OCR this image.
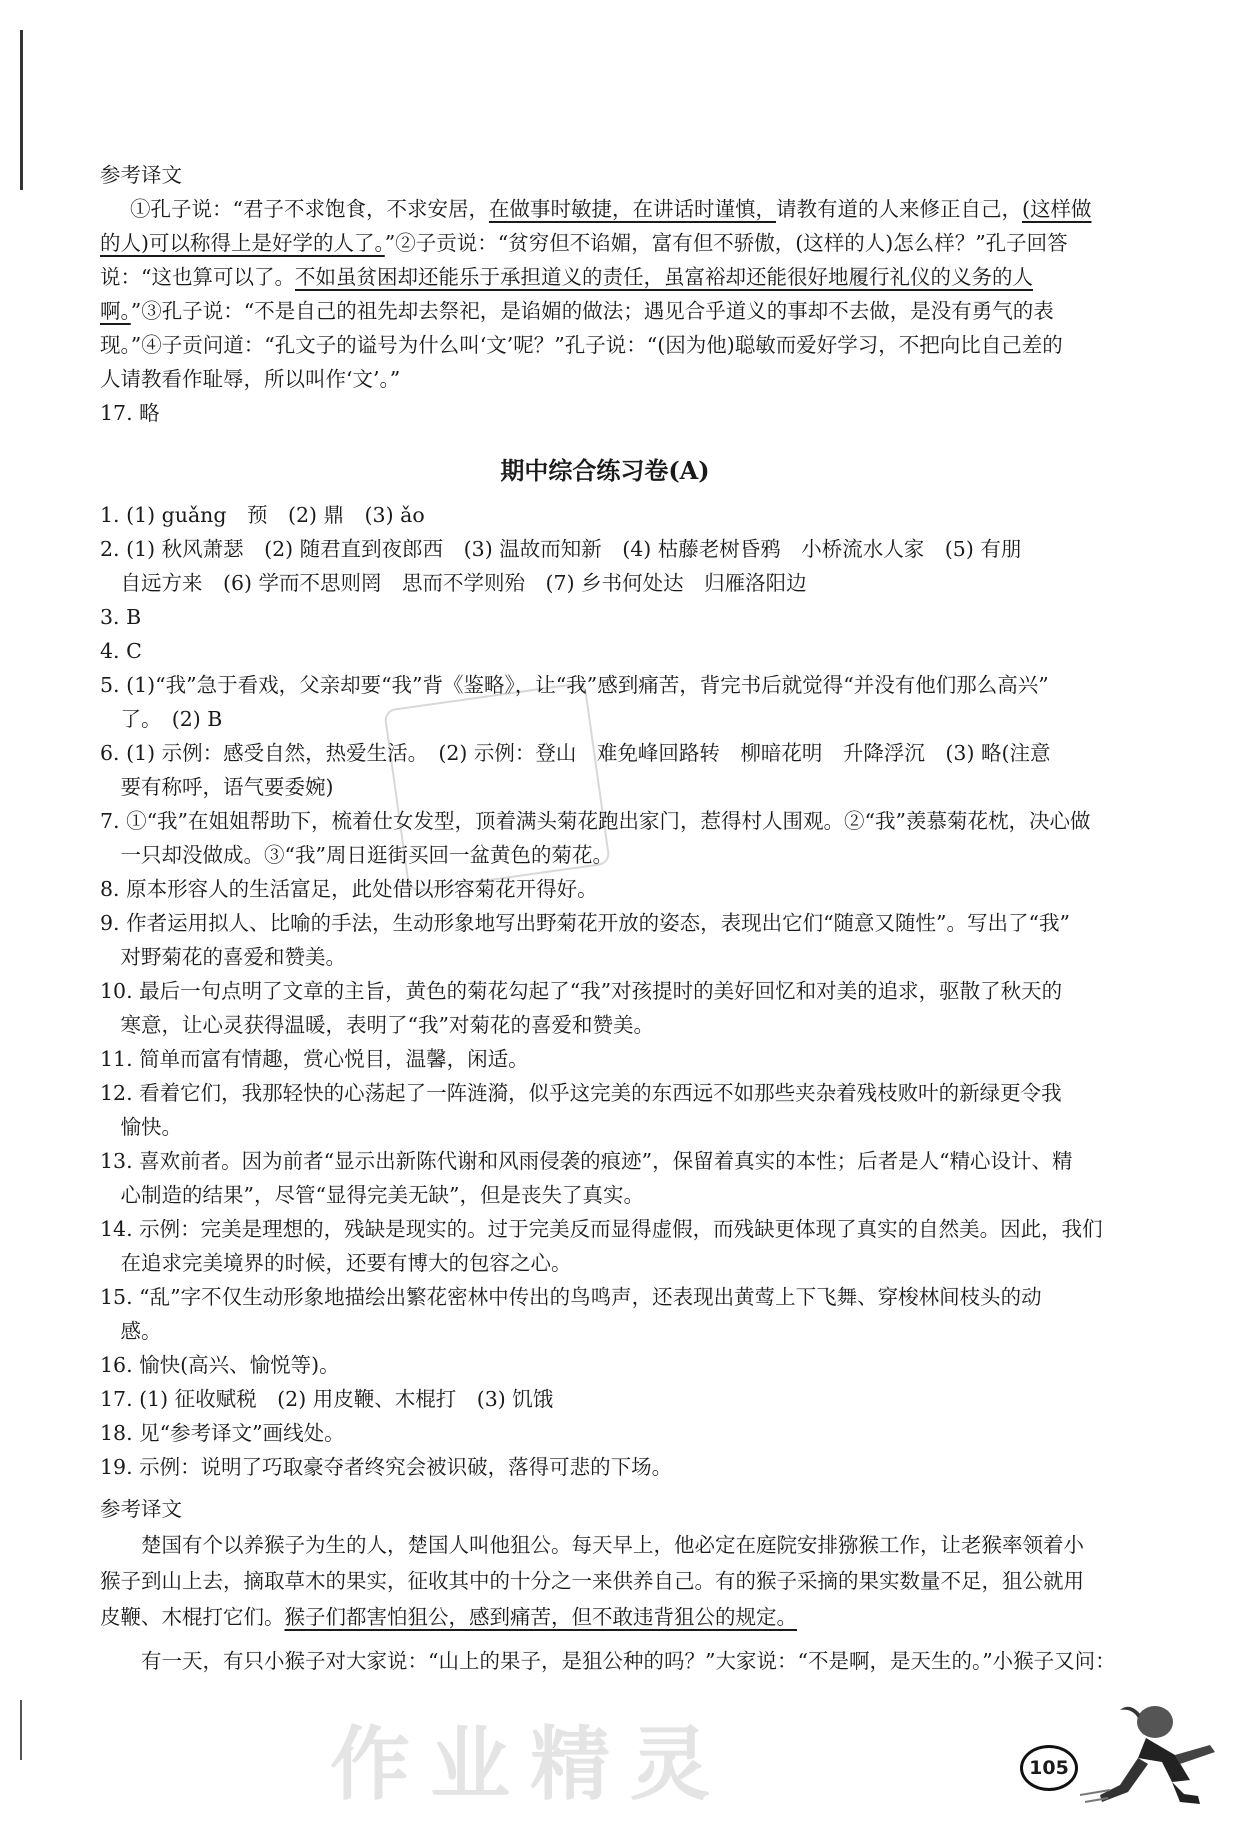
作业精灵
参考译文
①孔子说：“君子不求饱食，不求安居，在做事时敏捷，在讲话时谨慎，请教有道的人来修正自己，(这样做
的人)可以称得上是好学的人了。”②子贡说：“贫穷但不谄媚，富有但不骄傲，(这样的人)怎么样？”孔子回答
说：“这也算可以了。不如虽贫困却还能乐于承担道义的责任，虽富裕却还能很好地履行礼仪的义务的人
啊。”③孔子说：“不是自己的祖先却去祭祀，是谄媚的做法；遇见合乎道义的事却不去做，是没有勇气的表
现。”④子贡问道：“孔文子的谥号为什么叫‘文’呢？”孔子说：“(因为他)聪敏而爱好学习，不把向比自己差的
人请教看作耻辱，所以叫作‘文’。”
17. 略
期中综合练习卷(A)
1. (1) guǎng　预　(2) 鼎　(3) ǎo
2. (1) 秋风萧瑟　(2) 随君直到夜郎西　(3) 温故而知新　(4) 枯藤老树昏鸦　小桥流水人家　(5) 有朋
　自远方来　(6) 学而不思则罔　思而不学则殆　(7) 乡书何处达　归雁洛阳边
3. B
4. C
5. (1)“我”急于看戏，父亲却要“我”背《鉴略》，让“我”感到痛苦，背完书后就觉得“并没有他们那么高兴”
　了。　(2) B
6. (1) 示例：感受自然，热爱生活。　(2) 示例：登山　难免峰回路转　柳暗花明　升降浮沉　(3) 略(注意
　要有称呼，语气要委婉)
7. ①“我”在姐姐帮助下，梳着仕女发型，顶着满头菊花跑出家门，惹得村人围观。②“我”羡慕菊花枕，决心做
　一只却没做成。③“我”周日逛街买回一盆黄色的菊花。
8. 原本形容人的生活富足，此处借以形容菊花开得好。
9. 作者运用拟人、比喻的手法，生动形象地写出野菊花开放的姿态，表现出它们“随意又随性”。写出了“我”
　对野菊花的喜爱和赞美。
10. 最后一句点明了文章的主旨，黄色的菊花勾起了“我”对孩提时的美好回忆和对美的追求，驱散了秋天的
　寒意，让心灵获得温暖，表明了“我”对菊花的喜爱和赞美。
11. 简单而富有情趣，赏心悦目，温馨，闲适。
12. 看着它们，我那轻快的心荡起了一阵涟漪，似乎这完美的东西远不如那些夹杂着残枝败叶的新绿更令我
　愉快。
13. 喜欢前者。因为前者“显示出新陈代谢和风雨侵袭的痕迹”，保留着真实的本性；后者是人“精心设计、精
　心制造的结果”，尽管“显得完美无缺”，但是丧失了真实。
14. 示例：完美是理想的，残缺是现实的。过于完美反而显得虚假，而残缺更体现了真实的自然美。因此，我们
　在追求完美境界的时候，还要有博大的包容之心。
15. “乱”字不仅生动形象地描绘出繁花密林中传出的鸟鸣声，还表现出黄莺上下飞舞、穿梭林间枝头的动
　感。
16. 愉快(高兴、愉悦等)。
17. (1) 征收赋税　(2) 用皮鞭、木棍打　(3) 饥饿
18. 见“参考译文”画线处。
19. 示例：说明了巧取豪夺者终究会被识破，落得可悲的下场。
参考译文
　　楚国有个以养猴子为生的人，楚国人叫他狙公。每天早上，他必定在庭院安排猕猴工作，让老猴率领着小
猴子到山上去，摘取草木的果实，征收其中的十分之一来供养自己。有的猴子采摘的果实数量不足，狙公就用
皮鞭、木棍打它们。猴子们都害怕狙公，感到痛苦，但不敢违背狙公的规定。
　　有一天，有只小猴子对大家说：“山上的果子，是狙公种的吗？”大家说：“不是啊，是天生的。”小猴子又问：
105
